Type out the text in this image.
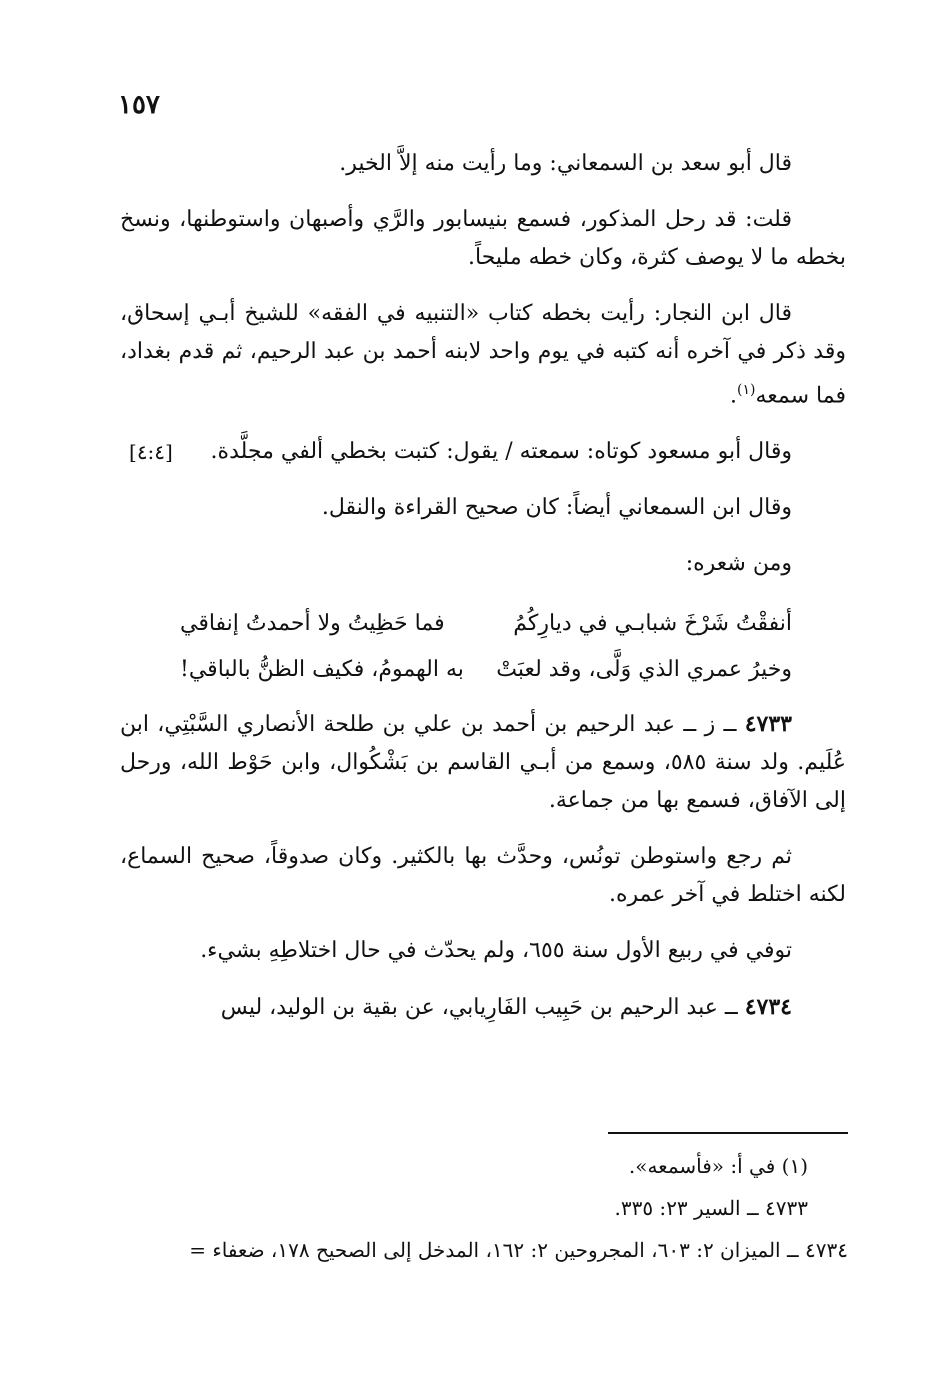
١٥٧

قال أبو سعد بن السمعاني: وما رأيت منه إلاَّ الخير.

قلت: قد رحل المذكور، فسمع بنيسابور والرَّي وأصبهان واستوطنها، ونسخ بخطه ما لا يوصف كثرة، وكان خطه مليحاً.

قال ابن النجار: رأيت بخطه كتاب «التنبيه في الفقه» للشيخ أبـي إسحاق، وقد ذكر في آخره أنه كتبه في يوم واحد لابنه أحمد بن عبد الرحيم، ثم قدم بغداد، فما سمعه$^{(١)}$.

وقال أبو مسعود كوتاه: سمعته / يقول: كتبت بخطي ألفي مجلَّدة.
[٤:٤]

وقال ابن السمعاني أيضاً: كان صحيح القراءة والنقل.

ومن شعره:

أنفقْتُ شَرْخَ شبابـي في ديارِكُمُ
فما حَظِيتُ ولا أحمدتُ إنفاقي
وخيرُ عمري الذي وَلَّى، وقد لعبَتْ
به الهمومُ، فكيف الظنُّ بالباقي!

٤٧٣٣ ــ ز ــ عبد الرحيم بن أحمد بن علي بن طلحة الأنصاري السَّبْتِي، ابن عُلَيم. ولد سنة ٥٨٥، وسمع من أبـي القاسم بن بَشْكُوال، وابن حَوْط الله، ورحل إلى الآفاق، فسمع بها من جماعة.

ثم رجع واستوطن تونُس، وحدَّث بها بالكثير. وكان صدوقاً، صحيح السماع، لكنه اختلط في آخر عمره.

توفي في ربيع الأول سنة ٦٥٥، ولم يحدّث في حال اختلاطِهِ بشيء.

٤٧٣٤ ــ عبد الرحيم بن حَبِيب الفَارِيابي، عن بقية بن الوليد، ليس

(١) في أ: «فأسمعه».

٤٧٣٣ ــ السير ٢٣: ٣٣٥.

٤٧٣٤ ــ الميزان ٢: ٦٠٣، المجروحين ٢: ١٦٢، المدخل إلى الصحيح ١٧٨، ضعفاء =
